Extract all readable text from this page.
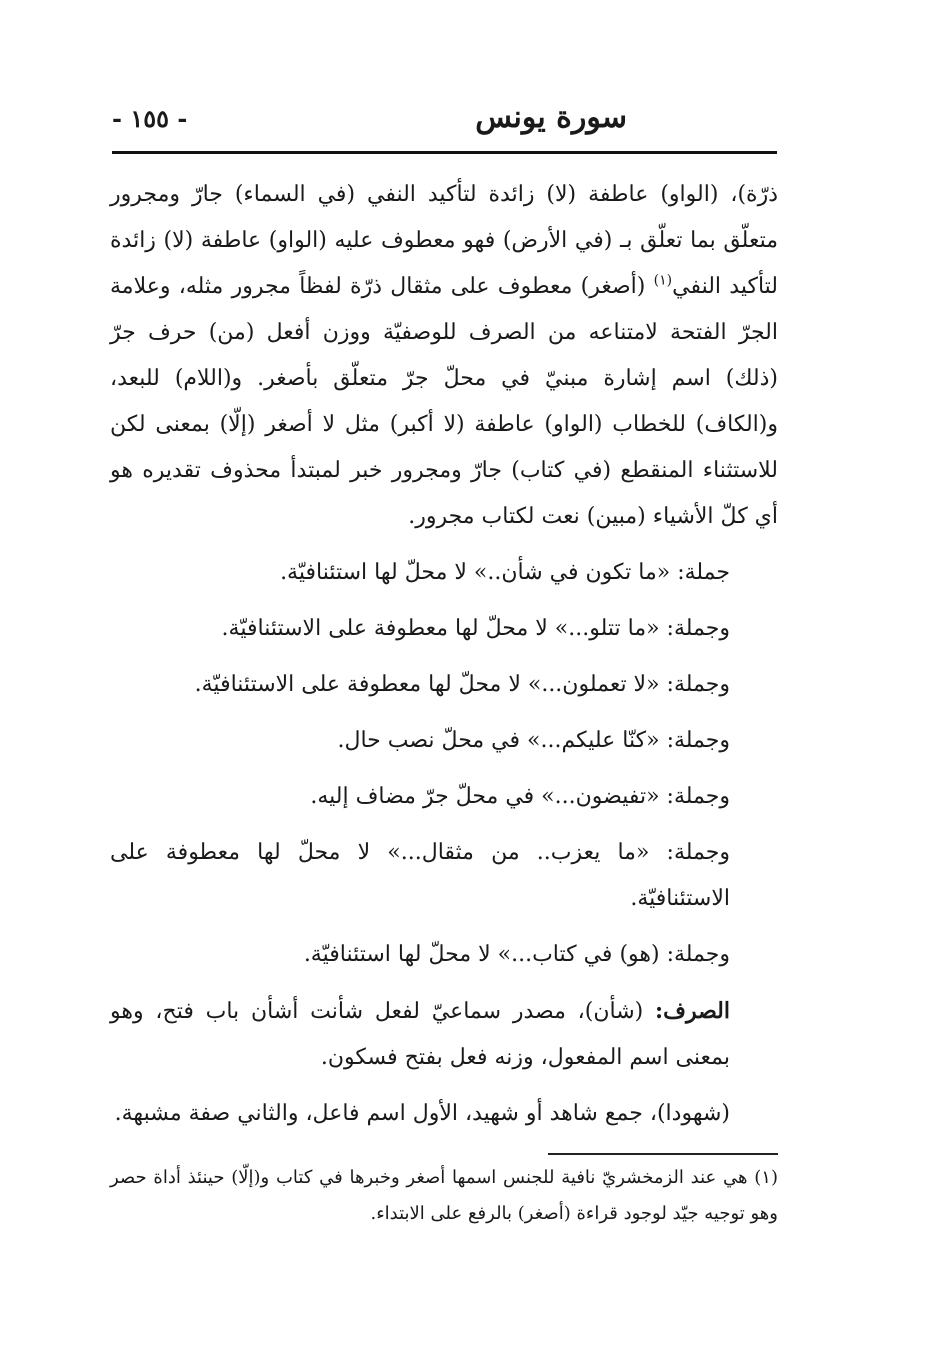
سورة يونس
- ١٥٥ -

ذرّة)، (الواو) عاطفة (لا) زائدة لتأكيد النفي (في السماء) جارّ ومجرور متعلّق بما تعلّق بـ (في الأرض) فهو معطوف عليه (الواو) عاطفة (لا) زائدة لتأكيد النفي$^{(١)}$ (أصغر) معطوف على مثقال ذرّة لفظاً مجرور مثله، وعلامة الجرّ الفتحة لامتناعه من الصرف للوصفيّة ووزن أفعل (من) حرف جرّ (ذلك) اسم إشارة مبنيّ في محلّ جرّ متعلّق بأصغر. و(اللام) للبعد، و(الكاف) للخطاب (الواو) عاطفة (لا أكبر) مثل لا أصغر (إلّا) بمعنى لكن للاستثناء المنقطع (في كتاب) جارّ ومجرور خبر لمبتدأ محذوف تقديره هو أي كلّ الأشياء (مبين) نعت لكتاب مجرور.

جملة: «ما تكون في شأن..» لا محلّ لها استئنافيّة.

وجملة: «ما تتلو...» لا محلّ لها معطوفة على الاستئنافيّة.

وجملة: «لا تعملون...» لا محلّ لها معطوفة على الاستئنافيّة.

وجملة: «كنّا عليكم...» في محلّ نصب حال.

وجملة: «تفيضون...» في محلّ جرّ مضاف إليه.

وجملة: «ما يعزب.. من مثقال...» لا محلّ لها معطوفة على الاستئنافيّة.

وجملة: (هو) في كتاب...» لا محلّ لها استئنافيّة.

الصرف: (شأن)، مصدر سماعيّ لفعل شأنت أشأن باب فتح، وهو بمعنى اسم المفعول، وزنه فعل بفتح فسكون.

(شهودا)، جمع شاهد أو شهيد، الأول اسم فاعل، والثاني صفة مشبهة.

(١) هي عند الزمخشريّ نافية للجنس اسمها أصغر وخبرها في كتاب و(إلّا) حينئذ أداة حصر وهو توجيه جيّد لوجود قراءة (أصغر) بالرفع على الابتداء.
